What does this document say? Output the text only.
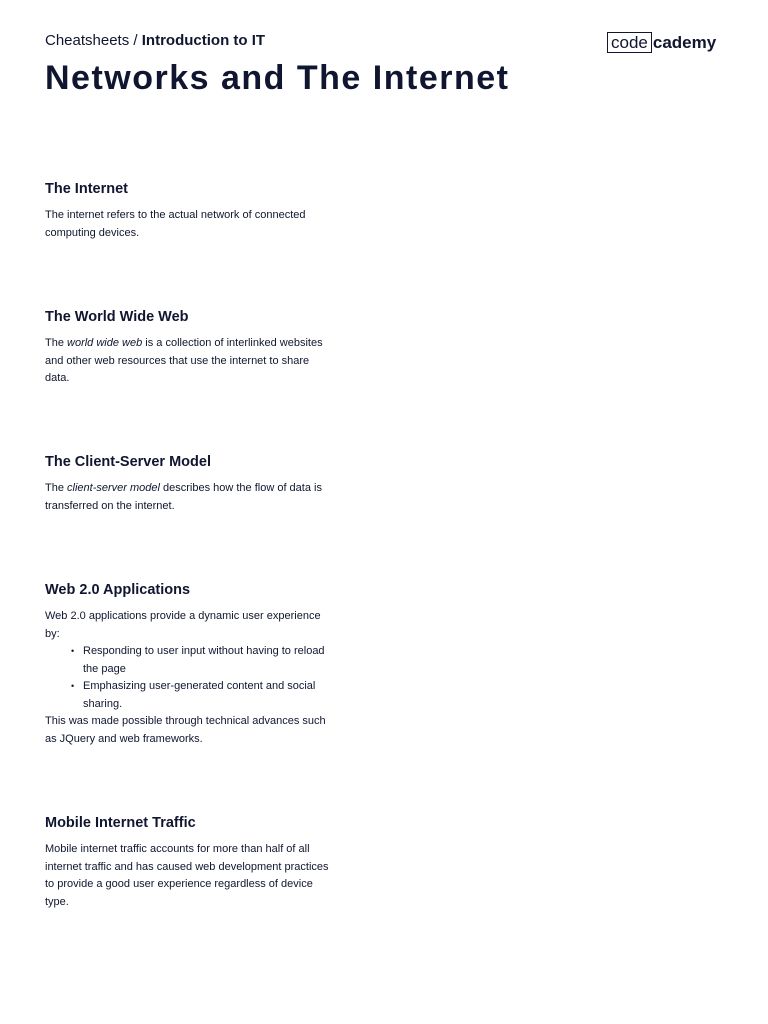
Cheatsheets / Introduction to IT	code cademy
Networks and The Internet
The Internet

The internet refers to the actual network of connected computing devices.

The World Wide Web

The world wide web is a collection of interlinked websites and other web resources that use the internet to share data.

The Client-Server Model

The client-server model describes how the flow of data is transferred on the internet.

Web 2.0 Applications

Web 2.0 applications provide a dynamic user experience by:

• Responding to user input without having to reload the page
• Emphasizing user-generated content and social sharing.

This was made possible through technical advances such as JQuery and web frameworks.

Mobile Internet Traffic

Mobile internet traffic accounts for more than half of all internet traffic and has caused web development practices to provide a good user experience regardless of device type.
